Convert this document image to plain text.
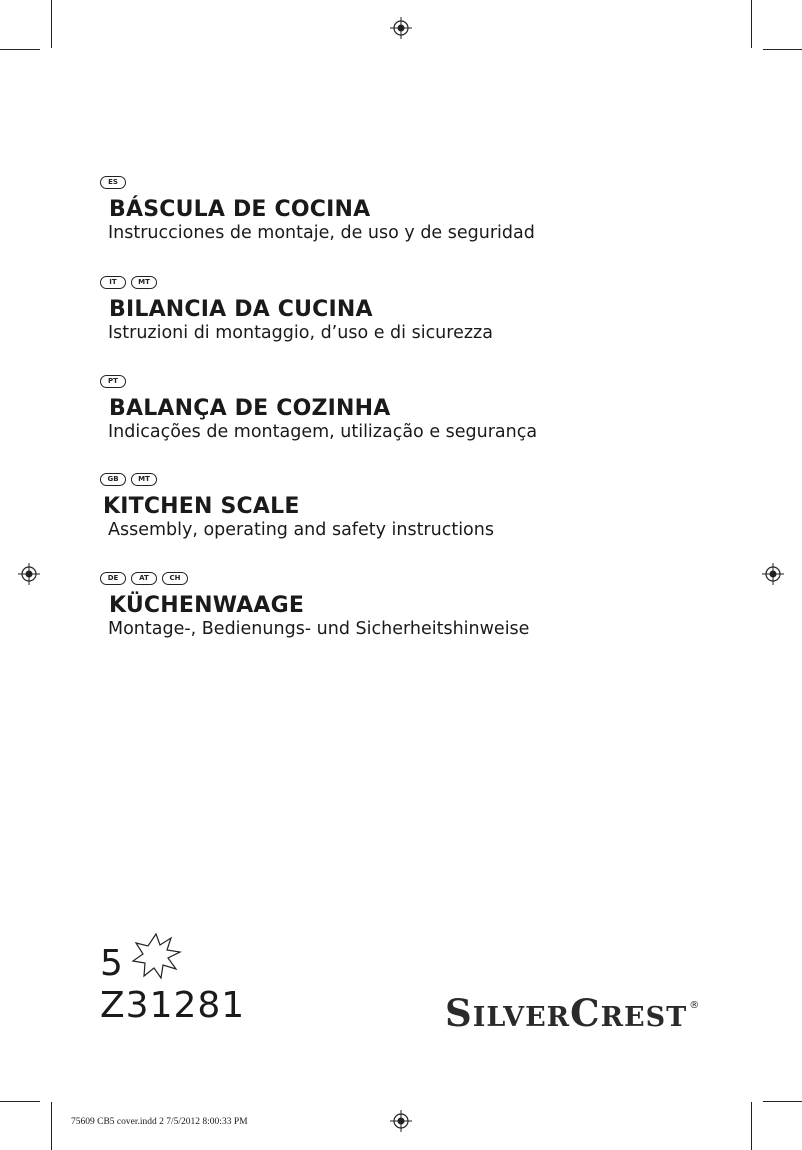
ES
BÁSCULA DE COCINA
Instrucciones de montaje, de uso y de seguridad
IT	MT
BILANCIA DA CUCINA
Istruzioni di montaggio, d’uso e di sicurezza
PT
BALANÇA DE COZINHA
Indicações de montagem, utilização e segurança
GB	MT
KITCHEN SCALE
Assembly, operating and safety instructions
DE	AT	CH
KÜCHENWAAGE
Montage-, Bedienungs- und Sicherheitshinweise
5
Z31281	SILVERCREST ®
75609 CB5 cover.indd 2 7/5/2012 8:00:33 PM
